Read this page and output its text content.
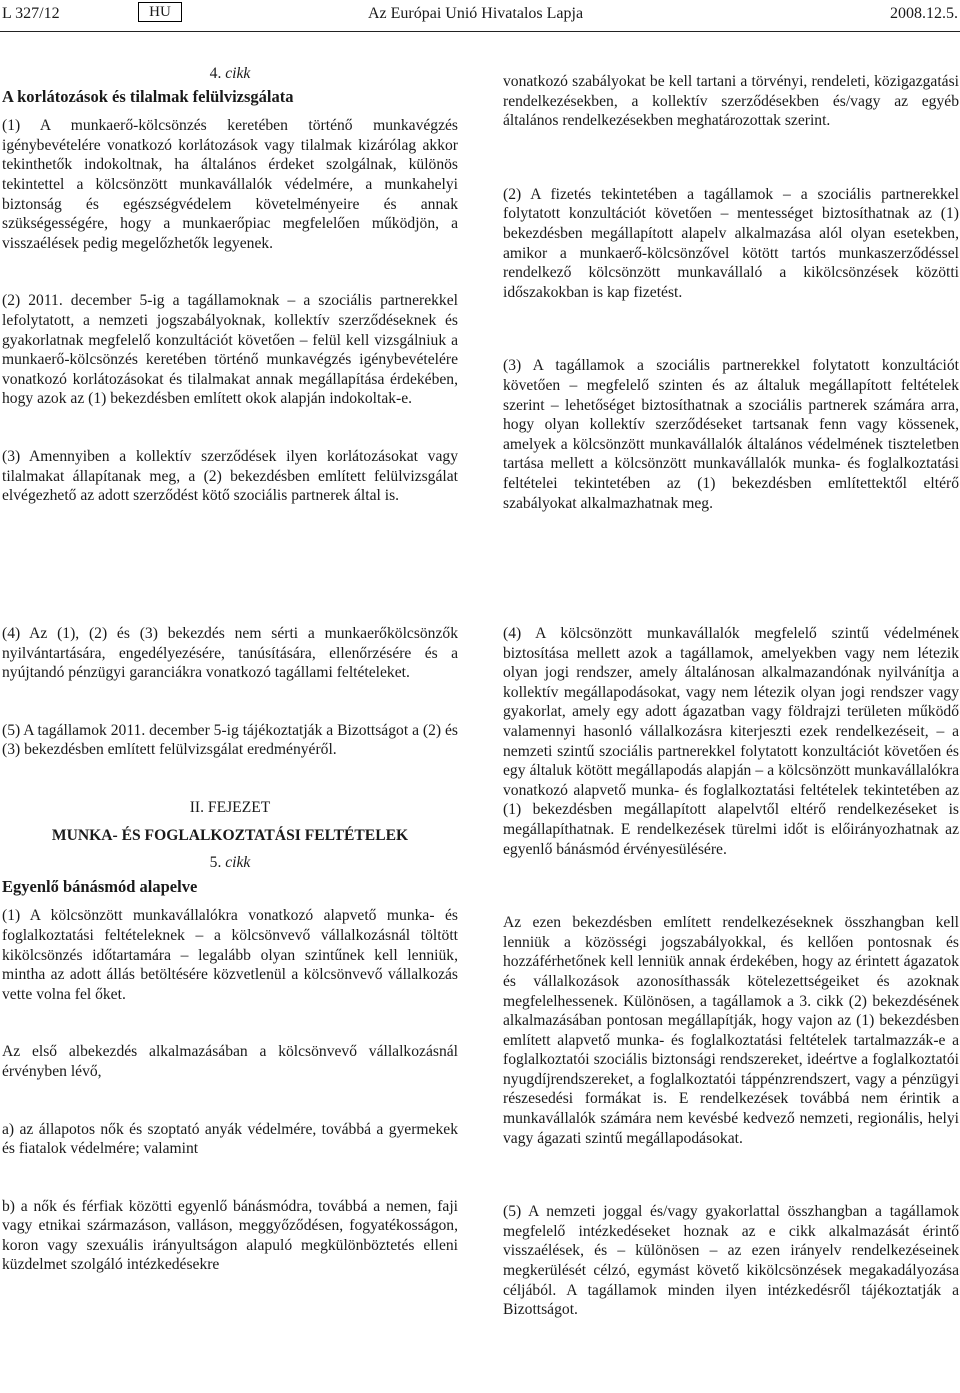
L 327/12	HU	Az Európai Unió Hivatalos Lapja	2008.12.5.

4. cikk

A korlátozások és tilalmak felülvizsgálata

(1) A munkaerő-kölcsönzés keretében történő munkavégzés igénybevételére vonatkozó korlátozások vagy tilalmak kizárólag akkor tekinthetők indokoltnak, ha általános érdeket szolgálnak, különös tekintettel a kölcsönzött munkavállalók védelmére, a munkahelyi biztonság és egészségvédelem követelményeire és annak szükségességére, hogy a munkaerőpiac megfelelően működjön, a visszaélések pedig megelőzhetők legyenek.

(2) 2011. december 5-ig a tagállamoknak – a szociális partnerekkel lefolytatott, a nemzeti jogszabályoknak, kollektív szerződéseknek és gyakorlatnak megfelelő konzultációt követően – felül kell vizsgálniuk a munkaerő-kölcsönzés keretében történő munkavégzés igénybevételére vonatkozó korlátozásokat és tilalmakat annak megállapítása érdekében, hogy azok az (1) bekezdésben említett okok alapján indokoltak-e.

(3) Amennyiben a kollektív szerződések ilyen korlátozásokat vagy tilalmakat állapítanak meg, a (2) bekezdésben említett felülvizsgálat elvégezhető az adott szerződést kötő szociális partnerek által is.

vonatkozó szabályokat be kell tartani a törvényi, rendeleti, közigazgatási rendelkezésekben, a kollektív szerződésekben és/vagy az egyéb általános rendelkezésekben meghatározottak szerint.

(2) A fizetés tekintetében a tagállamok – a szociális partnerekkel folytatott konzultációt követően – mentességet biztosíthatnak az (1) bekezdésben megállapított alapelv alkalmazása alól olyan esetekben, amikor a munkaerő-kölcsönzővel kötött tartós munkaszerződéssel rendelkező kölcsönzött munkavállaló a kikölcsönzések közötti időszakokban is kap fizetést.

(3) A tagállamok a szociális partnerekkel folytatott konzultációt követően – megfelelő szinten és az általuk megállapított feltételek szerint – lehetőséget biztosíthatnak a szociális partnerek számára arra, hogy olyan kollektív szerződéseket tartsanak fenn vagy kössenek, amelyek a kölcsönzött munkavállalók általános védelmének tiszteletben tartása mellett a kölcsönzött munkavállalók munka- és foglalkoztatási feltételei tekintetében az (1) bekezdésben említettektől eltérő szabályokat alkalmazhatnak meg.

(4) Az (1), (2) és (3) bekezdés nem sérti a munkaerőkölcsönzők nyilvántartására, engedélyezésére, tanúsítására, ellenőrzésére és a nyújtandó pénzügyi garanciákra vonatkozó tagállami feltételeket.

(5) A tagállamok 2011. december 5-ig tájékoztatják a Bizottságot a (2) és (3) bekezdésben említett felülvizsgálat eredményéről.

II. FEJEZET

MUNKA- ÉS FOGLALKOZTATÁSI FELTÉTELEK

5. cikk

Egyenlő bánásmód alapelve

(1) A kölcsönzött munkavállalókra vonatkozó alapvető munka- és foglalkoztatási feltételeknek – a kölcsönvevő vállalkozásnál töltött kikölcsönzés időtartamára – legalább olyan szintűnek kell lenniük, mintha az adott állás betöltésére közvetlenül a kölcsönvevő vállalkozás vette volna fel őket.

Az első albekezdés alkalmazásában a kölcsönvevő vállalkozásnál érvényben lévő,

a) az állapotos nők és szoptató anyák védelmére, továbbá a gyermekek és fiatalok védelmére; valamint

b) a nők és férfiak közötti egyenlő bánásmódra, továbbá a nemen, faji vagy etnikai származáson, valláson, meggyőződésen, fogyatékosságon, koron vagy szexuális irányultságon alapuló megkülönböztetés elleni küzdelmet szolgáló intézkedésekre

(4) A kölcsönzött munkavállalók megfelelő szintű védelmének biztosítása mellett azok a tagállamok, amelyekben vagy nem létezik olyan jogi rendszer, amely általánosan alkalmazandónak nyilvánítja a kollektív megállapodásokat, vagy nem létezik olyan jogi rendszer vagy gyakorlat, amely egy adott ágazatban vagy földrajzi területen működő valamennyi hasonló vállalkozásra kiterjeszti ezek rendelkezéseit, – a nemzeti szintű szociális partnerekkel folytatott konzultációt követően és egy általuk kötött megállapodás alapján – a kölcsönzött munkavállalókra vonatkozó alapvető munka- és foglalkoztatási feltételek tekintetében az (1) bekezdésben megállapított alapelvtől eltérő rendelkezéseket is megállapíthatnak. E rendelkezések türelmi időt is előirányozhatnak az egyenlő bánásmód érvényesülésére.

Az ezen bekezdésben említett rendelkezéseknek összhangban kell lenniük a közösségi jogszabályokkal, és kellően pontosnak és hozzáférhetőnek kell lenniük annak érdekében, hogy az érintett ágazatok és vállalkozások azonosíthassák kötelezettségeiket és azoknak megfelelhessenek. Különösen, a tagállamok a 3. cikk (2) bekezdésének alkalmazásában pontosan megállapítják, hogy vajon az (1) bekezdésben említett alapvető munka- és foglalkoztatási feltételek tartalmazzák-e a foglalkoztatói szociális biztonsági rendszereket, ideértve a foglalkoztatói nyugdíjrendszereket, a foglalkoztatói táppénzrendszert, vagy a pénzügyi részesedési formákat is. E rendelkezések továbbá nem érintik a munkavállalók számára nem kevésbé kedvező nemzeti, regionális, helyi vagy ágazati szintű megállapodásokat.

(5) A nemzeti joggal és/vagy gyakorlattal összhangban a tagállamok megfelelő intézkedéseket hoznak az e cikk alkalmazását érintő visszaélések, és – különösen – az ezen irányelv rendelkezéseinek megkerülését célzó, egymást követő kikölcsönzések megakadályozása céljából. A tagállamok minden ilyen intézkedésről tájékoztatják a Bizottságot.
